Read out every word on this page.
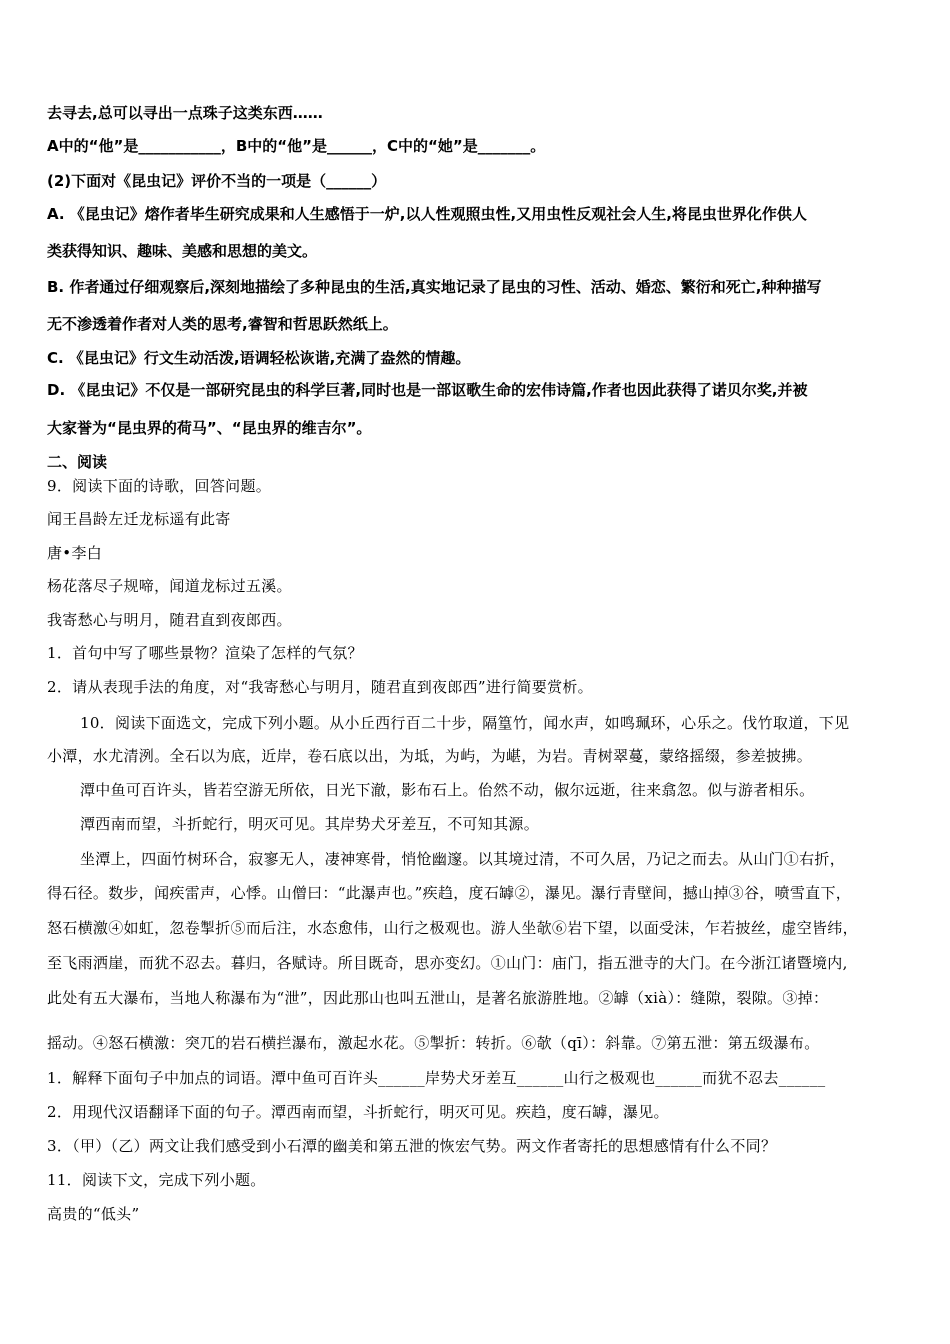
去寻去,总可以寻出一点珠子这类东西……
A中的“他”是___________，B中的“他”是______，C中的“她”是_______。
(2)下面对《昆虫记》评价不当的一项是（______）
A. 《昆虫记》熔作者毕生研究成果和人生感悟于一炉,以人性观照虫性,又用虫性反观社会人生,将昆虫世界化作供人
类获得知识、趣味、美感和思想的美文。
B. 作者通过仔细观察后,深刻地描绘了多种昆虫的生活,真实地记录了昆虫的习性、活动、婚恋、繁衍和死亡,种种描写
无不渗透着作者对人类的思考,睿智和哲思跃然纸上。
C. 《昆虫记》行文生动活泼,语调轻松诙谐,充满了盎然的情趣。
D. 《昆虫记》不仅是一部研究昆虫的科学巨著,同时也是一部讴歌生命的宏伟诗篇,作者也因此获得了诺贝尔奖,并被
大家誉为“昆虫界的荷马”、“昆虫界的维吉尔”。
二、阅读
9．阅读下面的诗歌，回答问题。
闻王昌龄左迁龙标遥有此寄
唐•李白
杨花落尽子规啼，闻道龙标过五溪。
我寄愁心与明月，随君直到夜郎西。
1．首句中写了哪些景物？渲染了怎样的气氛？
2．请从表现手法的角度，对“我寄愁心与明月，随君直到夜郎西”进行简要赏析。
10．阅读下面选文，完成下列小题。从小丘西行百二十步，隔篁竹，闻水声，如鸣珮环，心乐之。伐竹取道，下见
小潭，水尤清洌。全石以为底，近岸，卷石底以出，为坻，为屿，为嵁，为岩。青树翠蔓，蒙络摇缀，参差披拂。
潭中鱼可百许头，皆若空游无所依，日光下澈，影布石上。佁然不动，俶尔远逝，往来翕忽。似与游者相乐。
潭西南而望，斗折蛇行，明灭可见。其岸势犬牙差互，不可知其源。
坐潭上，四面竹树环合，寂寥无人，凄神寒骨，悄怆幽邃。以其境过清，不可久居，乃记之而去。从山门①右折，
得石径。数步，闻疾雷声，心悸。山僧曰：“此瀑声也。”疾趋，度石罅②，瀑见。瀑行青壁间，撼山掉③谷，喷雪直下，
怒石横激④如虹，忽卷掣折⑤而后注，水态愈伟，山行之极观也。游人坐欹⑥岩下望，以面受沫，乍若披丝，虚空皆纬，
至飞雨洒崖，而犹不忍去。暮归，各赋诗。所目既奇，思亦变幻。①山门：庙门，指五泄寺的大门。在今浙江诸暨境内,
此处有五大瀑布，当地人称瀑布为“泄”，因此那山也叫五泄山，是著名旅游胜地。②罅（xià）：缝隙，裂隙。③掉：
摇动。④怒石横激：突兀的岩石横拦瀑布，激起水花。⑤掣折：转折。⑥欹（qī）：斜靠。⑦第五泄：第五级瀑布。
1．解释下面句子中加点的词语。潭中鱼可百许头______岸势犬牙差互______山行之极观也______而犹不忍去______
2．用现代汉语翻译下面的句子。潭西南而望，斗折蛇行，明灭可见。疾趋，度石罅，瀑见。
3．（甲）（乙）两文让我们感受到小石潭的幽美和第五泄的恢宏气势。两文作者寄托的思想感情有什么不同？
11．阅读下文，完成下列小题。
高贵的“低头”
